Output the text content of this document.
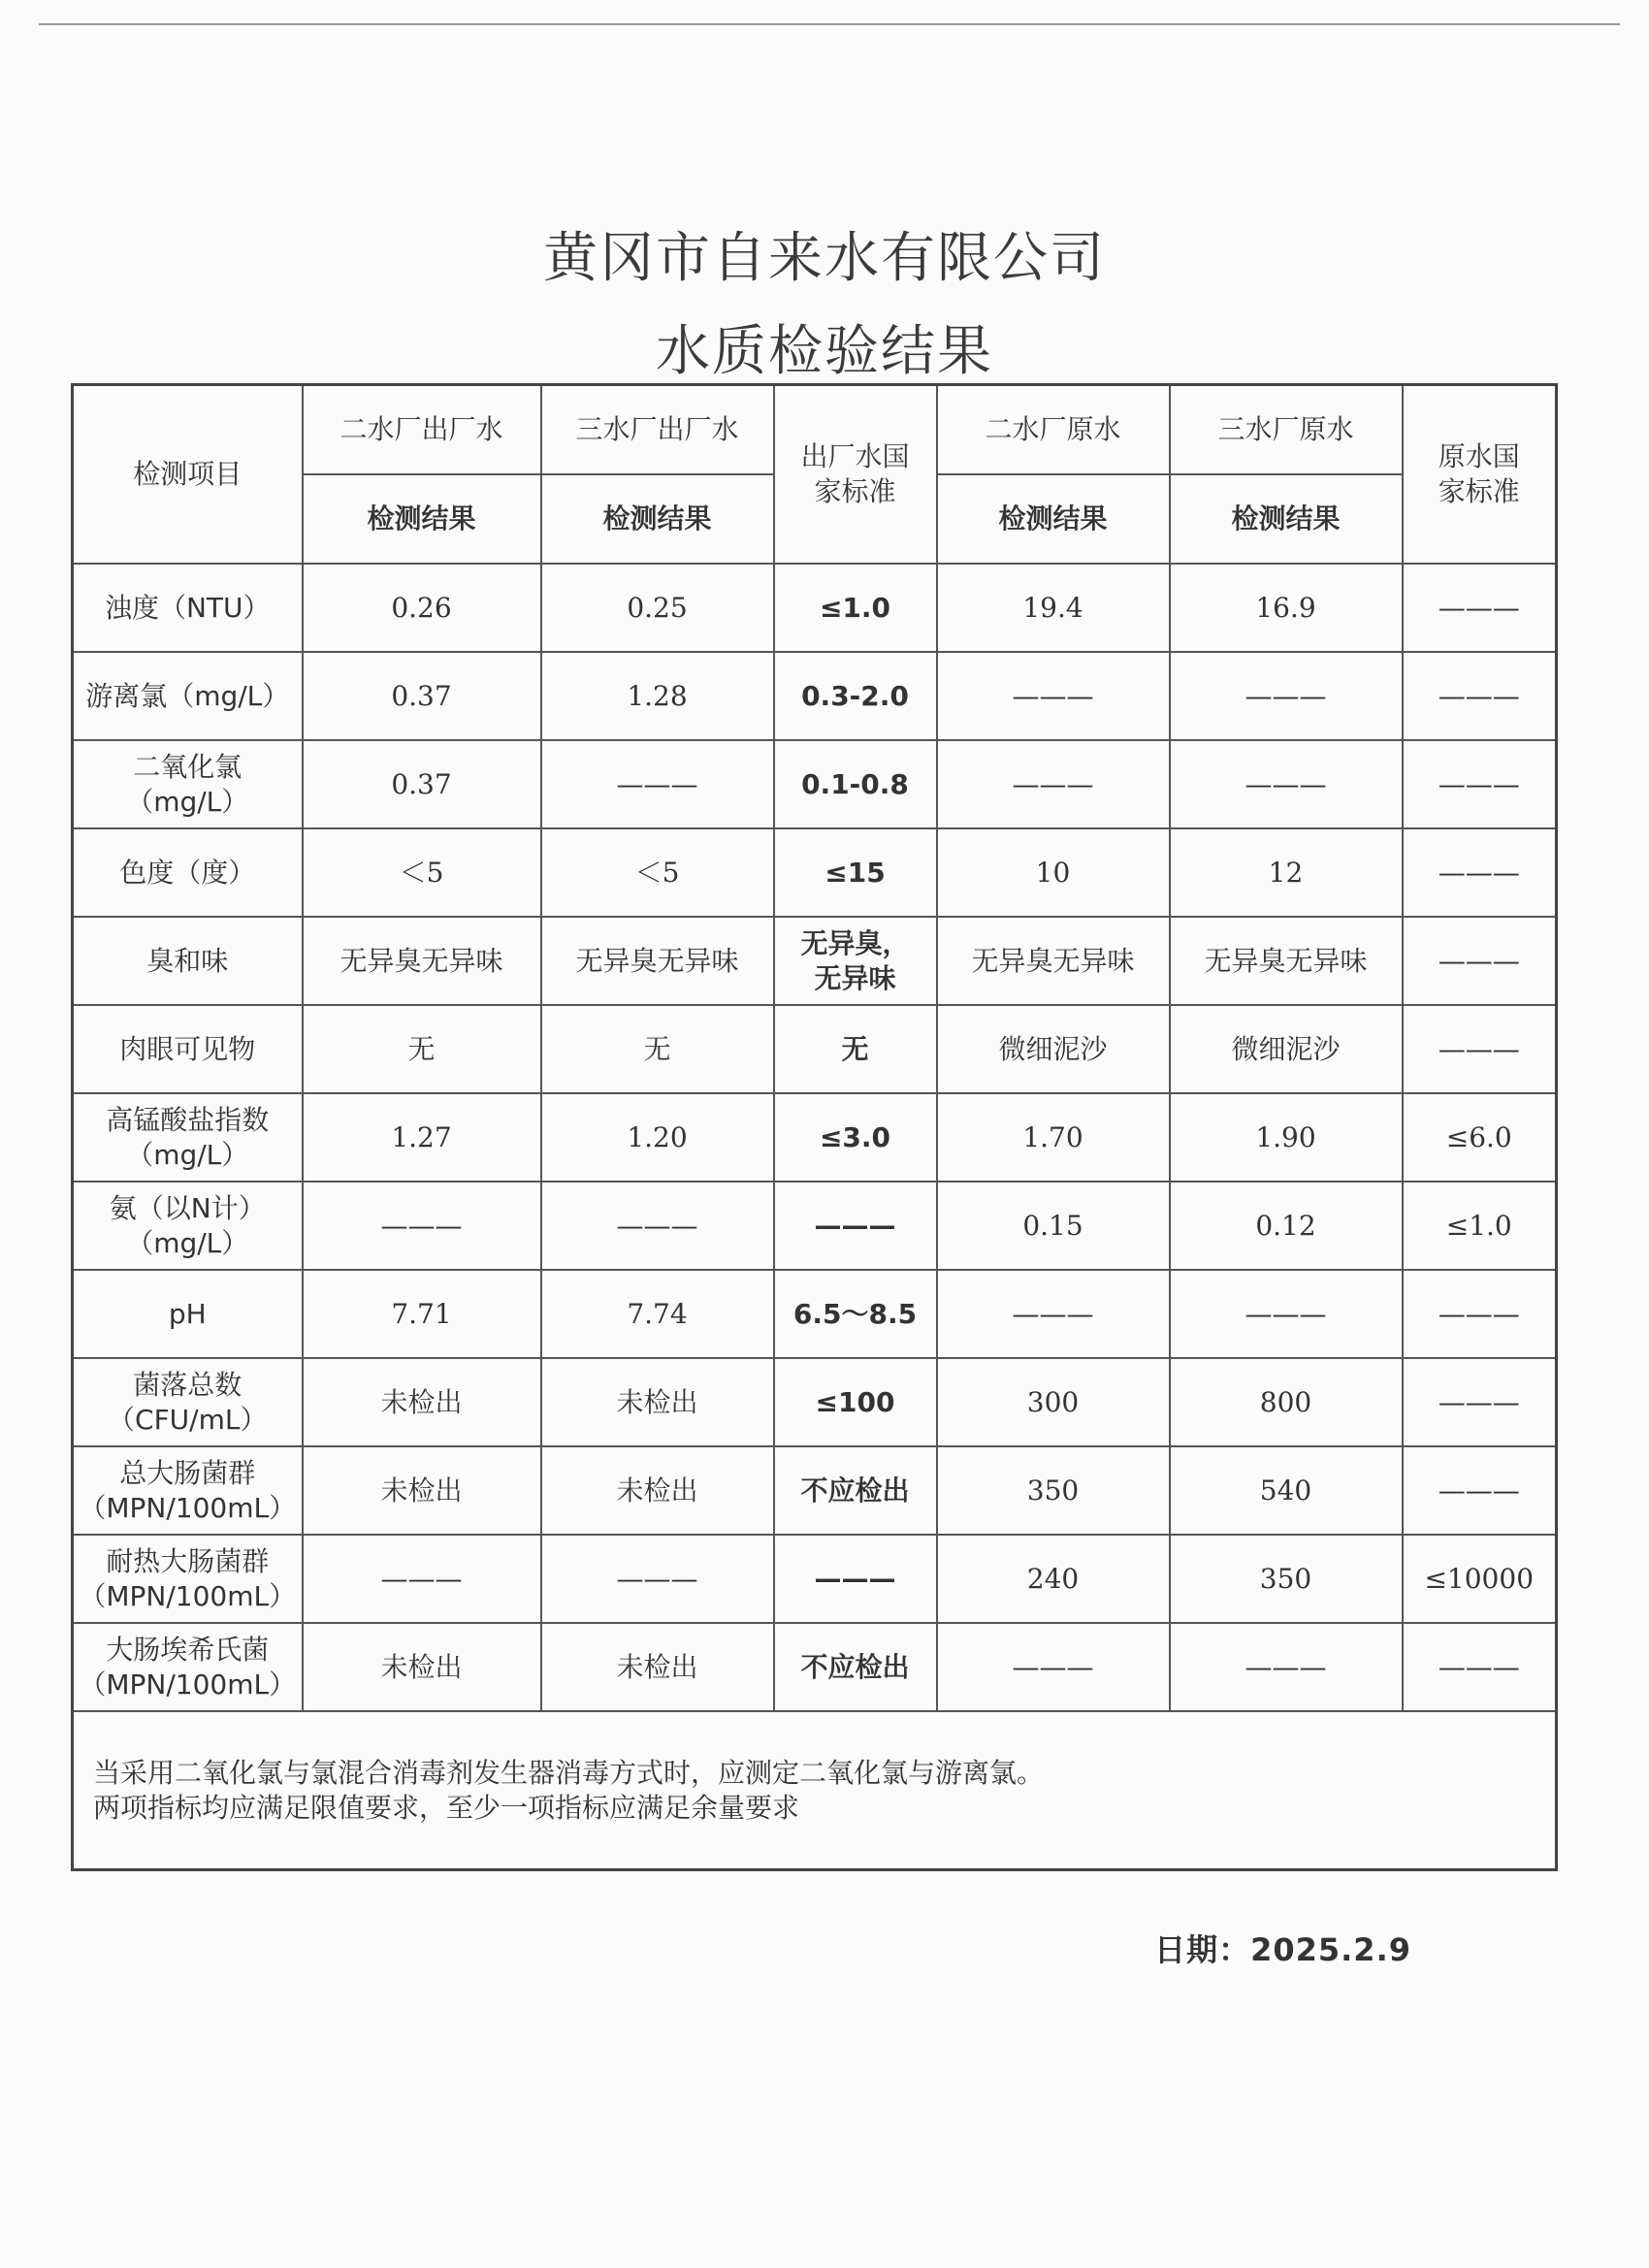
黄冈市自来水有限公司
水质检验结果
检测项目	二水厂出厂水	三水厂出厂水	出厂水国家标准	二水厂原水	三水厂原水	原水国家标准
	检测结果	检测结果		检测结果	检测结果	

浊度（NTU）	0.26	0.25	≤1.0	19.4	16.9	———

游离氯（mg/L）	0.37	1.28	0.3-2.0	———	———	———

二氧化氯
（mg/L）	0.37	———	0.1-0.8	———	———	———

色度（度）	＜5	＜5	≤15	10	12	———

臭和味	无异臭无异味	无异臭无异味	无异臭，
无异味	无异臭无异味	无异臭无异味	———

肉眼可见物	无	无	无	微细泥沙	微细泥沙	———

高锰酸盐指数
（mg/L）	1.27	1.20	≤3.0	1.70	1.90	≤6.0

氨（以N计）
（mg/L）	———	———	———	0.15	0.12	≤1.0

pH	7.71	7.74	6.5～8.5	———	———	———

菌落总数
（CFU/mL）	未检出	未检出	≤100	300	800	———

总大肠菌群
（MPN/100mL）	未检出	未检出	不应检出	350	540	———

耐热大肠菌群
（MPN/100mL）	———	———	———	240	350	≤10000

大肠埃希氏菌
（MPN/100mL）	未检出	未检出	不应检出	———	———	———

当采用二氧化氯与氯混合消毒剂发生器消毒方式时，应测定二氧化氯与游离氯。
两项指标均应满足限值要求，至少一项指标应满足余量要求						
日期：2025.2.9
